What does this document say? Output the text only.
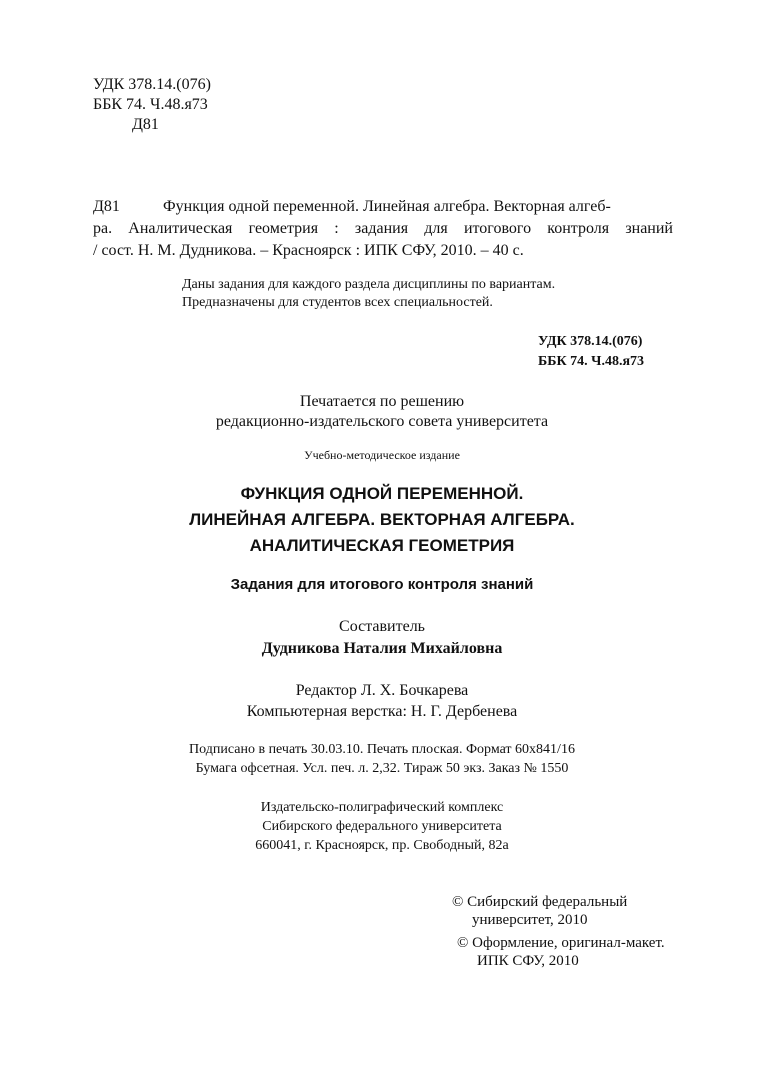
УДК 378.14.(076)
ББК 74. Ч.48.я73
Д81
Д81	Функция одной переменной. Линейная алгебра. Векторная алгеб-
ра. Аналитическая геометрия : задания для итогового контроля знаний
/ сост. Н. М. Дудникова. – Красноярск : ИПК СФУ, 2010. – 40 с.
Даны задания для каждого раздела дисциплины по вариантам.
Предназначены для студентов всех специальностей.
УДК 378.14.(076)
ББК 74. Ч.48.я73
Печатается по решению
редакционно-издательского совета университета
Учебно-методическое издание
ФУНКЦИЯ ОДНОЙ ПЕРЕМЕННОЙ.
ЛИНЕЙНАЯ АЛГЕБРА. ВЕКТОРНАЯ АЛГЕБРА.
АНАЛИТИЧЕСКАЯ ГЕОМЕТРИЯ
Задания для итогового контроля знаний
Составитель
Дудникова Наталия Михайловна
Редактор Л. Х. Бочкарева
Компьютерная верстка: Н. Г. Дербенева
Подписано в печать 30.03.10. Печать плоская. Формат 60х841/16
Бумага офсетная. Усл. печ. л. 2,32. Тираж 50 экз. Заказ № 1550
Издательско-полиграфический комплекс
Сибирского федерального университета
660041, г. Красноярск, пр. Свободный, 82а
© Сибирский федеральный
университет, 2010
© Оформление, оригинал-макет.
ИПК СФУ, 2010
